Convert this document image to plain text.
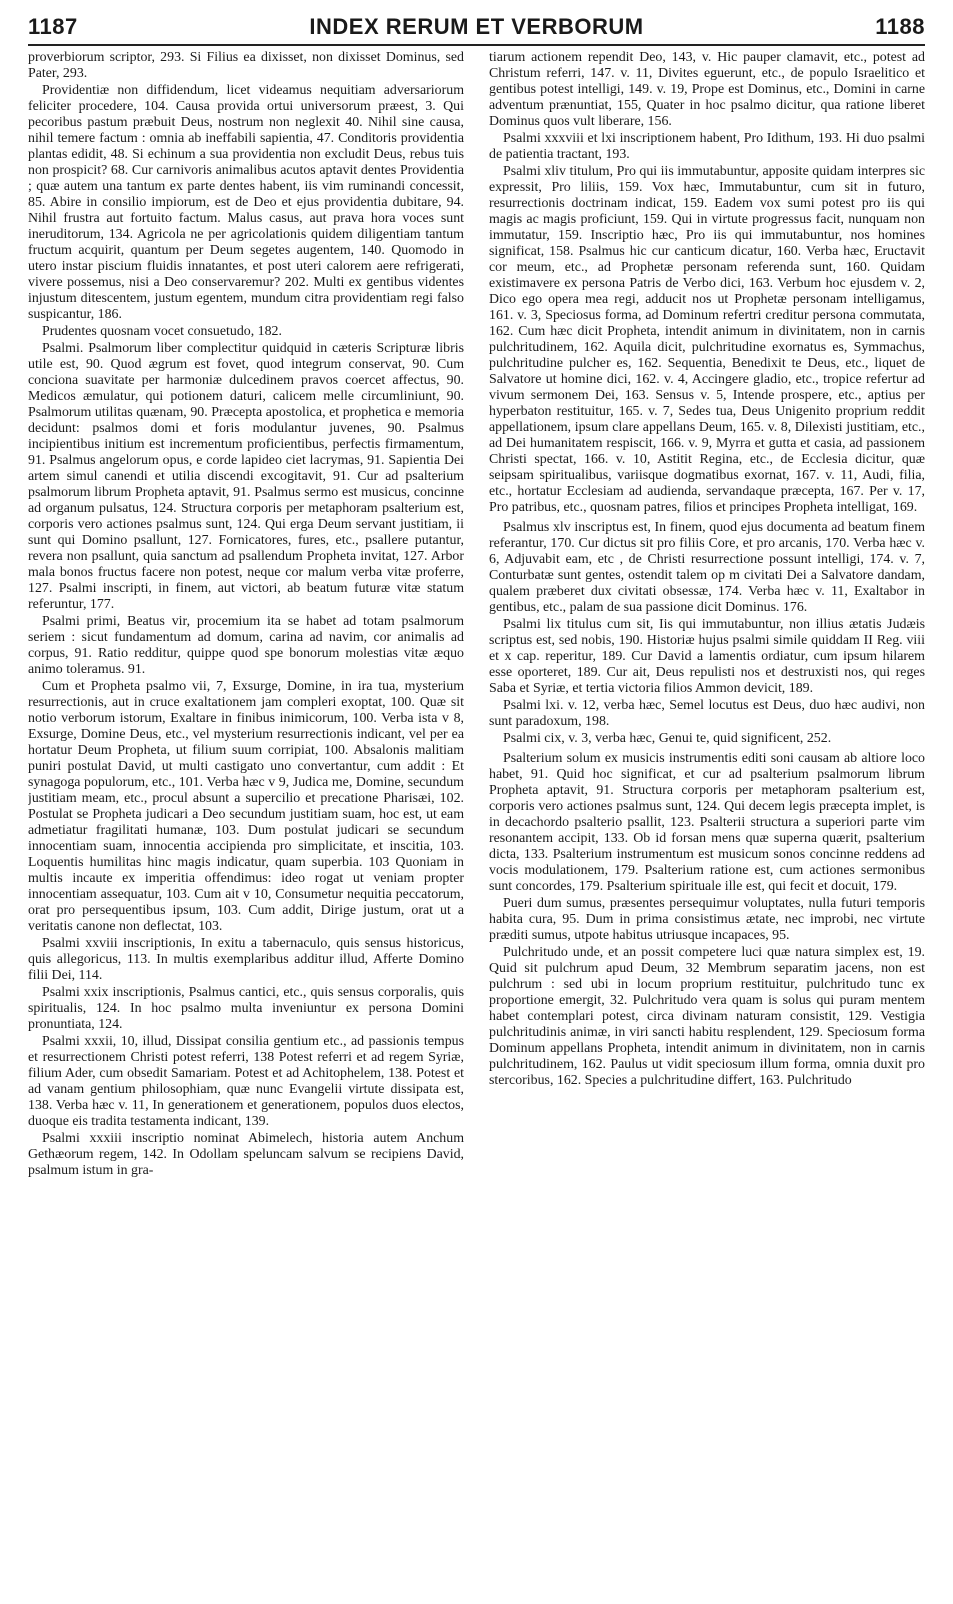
1187	INDEX RERUM ET VERBORUM	1188

proverbiorum scriptor, 293. Si Filius ea dixisset, non dixisset Dominus, sed Pater, 293.

Providentiæ non diffidendum, licet videamus nequitiam adversariorum feliciter procedere, 104. Causa provida ortui universorum præest, 3. Qui pecoribus pastum præbuit Deus, nostrum non neglexit 40. Nihil sine causa, nihil temere factum : omnia ab ineffabili sapientia, 47. Conditoris providentia plantas edidit, 48. Si echinum a sua providentia non excludit Deus, rebus tuis non prospicit? 68. Cur carnivoris animalibus acutos aptavit dentes Providentia ; quæ autem una tantum ex parte dentes habent, iis vim ruminandi concessit, 85. Abire in consilio impiorum, est de Deo et ejus providentia dubitare, 94. Nihil frustra aut fortuito factum. Malus casus, aut prava hora voces sunt ineruditorum, 134. Agricola ne per agricolationis quidem diligentiam tantum fructum acquirit, quantum per Deum segetes augentem, 140. Quomodo in utero instar piscium fluidis innatantes, et post uteri calorem aere refrigerati, vivere possemus, nisi a Deo conservaremur? 202. Multi ex gentibus videntes injustum ditescentem, justum egentem, mundum citra providentiam regi falso suspicantur, 186.

Prudentes quosnam vocet consuetudo, 182.

Psalmi. Psalmorum liber complectitur quidquid in cæteris Scripturæ libris utile est, 90. Quod ægrum est fovet, quod integrum conservat, 90. Cum conciona suavitate per harmoniæ dulcedinem pravos coercet affectus, 90. Medicos æmulatur, qui potionem daturi, calicem melle circumliniunt, 90. Psalmorum utilitas quænam, 90. Præcepta apostolica, et prophetica e memoria decidunt: psalmos domi et foris modulantur juvenes, 90. Psalmus incipientibus initium est incrementum proficientibus, perfectis firmamentum, 91. Psalmus angelorum opus, e corde lapideo ciet lacrymas, 91. Sapientia Dei artem simul canendi et utilia discendi excogitavit, 91. Cur ad psalterium psalmorum librum Propheta aptavit, 91. Psalmus sermo est musicus, concinne ad organum pulsatus, 124. Structura corporis per metaphoram psalterium est, corporis vero actiones psalmus sunt, 124. Qui erga Deum servant justitiam, ii sunt qui Domino psallunt, 127. Fornicatores, fures, etc., psallere putantur, revera non psallunt, quia sanctum ad psallendum Propheta invitat, 127. Arbor mala bonos fructus facere non potest, neque cor malum verba vitæ proferre, 127. Psalmi inscripti, in finem, aut victori, ab beatum futuræ vitæ statum referuntur, 177.

Psalmi primi, Beatus vir, procemium ita se habet ad totam psalmorum seriem : sicut fundamentum ad domum, carina ad navim, cor animalis ad corpus, 91. Ratio redditur, quippe quod spe bonorum molestias vitæ æquo animo toleramus. 91.

Cum et Propheta psalmo vii, 7, Exsurge, Domine, in ira tua, mysterium resurrectionis, aut in cruce exaltationem jam compleri exoptat, 100. Quæ sit notio verborum istorum, Exaltare in finibus inimicorum, 100. Verba ista v 8, Exsurge, Domine Deus, etc., vel mysterium resurrectionis indicant, vel per ea hortatur Deum Propheta, ut filium suum corripiat, 100. Absalonis malitiam puniri postulat David, ut multi castigato uno convertantur, cum addit : Et synagoga populorum, etc., 101. Verba hæc v 9, Judica me, Domine, secundum justitiam meam, etc., procul absunt a supercilio et precatione Pharisæi, 102. Postulat se Propheta judicari a Deo secundum justitiam suam, hoc est, ut eam admetiatur fragilitati humanæ, 103. Dum postulat judicari se secundum innocentiam suam, innocentia accipienda pro simplicitate, et inscitia, 103. Loquentis humilitas hinc magis indicatur, quam superbia. 103 Quoniam in multis incaute ex imperitia offendimus: ideo rogat ut veniam propter innocentiam assequatur, 103. Cum ait v 10, Consumetur nequitia peccatorum, orat pro persequentibus ipsum, 103. Cum addit, Dirige justum, orat ut a veritatis canone non deflectat, 103.

Psalmi xxviii inscriptionis, In exitu a tabernaculo, quis sensus historicus, quis allegoricus, 113. In multis exemplaribus additur illud, Afferte Domino filii Dei, 114.

Psalmi xxix inscriptionis, Psalmus cantici, etc., quis sensus corporalis, quis spiritualis, 124. In hoc psalmo multa inveniuntur ex persona Domini pronuntiata, 124.

Psalmi xxxii, 10, illud, Dissipat consilia gentium etc., ad passionis tempus et resurrectionem Christi potest referri, 138 Potest referri et ad regem Syriæ, filium Ader, cum obsedit Samariam. Potest et ad Achitophelem, 138. Potest et ad vanam gentium philosophiam, quæ nunc Evangelii virtute dissipata est, 138. Verba hæc v. 11, In generationem et generationem, populos duos electos, duoque eis tradita testamenta indicant, 139.

Psalmi xxxiii inscriptio nominat Abimelech, historia autem Anchum Gethæorum regem, 142. In Odollam speluncam salvum se recipiens David, psalmum istum in gra-

tiarum actionem rependit Deo, 143, v. Hic pauper clamavit, etc., potest ad Christum referri, 147. v. 11, Divites eguerunt, etc., de populo Israelitico et gentibus potest intelligi, 149. v. 19, Prope est Dominus, etc., Domini in carne adventum prænuntiat, 155, Quater in hoc psalmo dicitur, qua ratione liberet Dominus quos vult liberare, 156.

Psalmi xxxviii et lxi inscriptionem habent, Pro Idithum, 193. Hi duo psalmi de patientia tractant, 193.

Psalmi xliv titulum, Pro qui iis immutabuntur, apposite quidam interpres sic expressit, Pro liliis, 159. Vox hæc, Immutabuntur, cum sit in futuro, resurrectionis doctrinam indicat, 159. Eadem vox sumi potest pro iis qui magis ac magis proficiunt, 159. Qui in virtute progressus facit, nunquam non immutatur, 159. Inscriptio hæc, Pro iis qui immutabuntur, nos homines significat, 158. Psalmus hic cur canticum dicatur, 160. Verba hæc, Eructavit cor meum, etc., ad Prophetæ personam referenda sunt, 160. Quidam existimavere ex persona Patris de Verbo dici, 163. Verbum hoc ejusdem v. 2, Dico ego opera mea regi, adducit nos ut Prophetæ personam intelligamus, 161. v. 3, Speciosus forma, ad Dominum refertri creditur persona commutata, 162. Cum hæc dicit Propheta, intendit animum in divinitatem, non in carnis pulchritudinem, 162. Aquila dicit, pulchritudine exornatus es, Symmachus, pulchritudine pulcher es, 162. Sequentia, Benedixit te Deus, etc., liquet de Salvatore ut homine dici, 162. v. 4, Accingere gladio, etc., tropice refertur ad vivum sermonem Dei, 163. Sensus v. 5, Intende prospere, etc., aptius per hyperbaton restituitur, 165. v. 7, Sedes tua, Deus Unigenito proprium reddit appellationem, ipsum clare appellans Deum, 165. v. 8, Dilexisti justitiam, etc., ad Dei humanitatem respiscit, 166. v. 9, Myrra et gutta et casia, ad passionem Christi spectat, 166. v. 10, Astitit Regina, etc., de Ecclesia dicitur, quæ seipsam spiritualibus, variisque dogmatibus exornat, 167. v. 11, Audi, filia, etc., hortatur Ecclesiam ad audienda, servandaque præcepta, 167. Per v. 17, Pro patribus, etc., quosnam patres, filios et principes Propheta intelligat, 169.

Psalmus xlv inscriptus est, In finem, quod ejus documenta ad beatum finem referantur, 170. Cur dictus sit pro filiis Core, et pro arcanis, 170. Verba hæc v. 6, Adjuvabit eam, etc , de Christi resurrectione possunt intelligi, 174. v. 7, Conturbatæ sunt gentes, ostendit talem op m civitati Dei a Salvatore dandam, qualem præberet dux civitati obsessæ, 174. Verba hæc v. 11, Exaltabor in gentibus, etc., palam de sua passione dicit Dominus. 176.

Psalmi lix titulus cum sit, Iis qui immutabuntur, non illius ætatis Judæis scriptus est, sed nobis, 190. Historiæ hujus psalmi simile quiddam II Reg. viii et x cap. reperitur, 189. Cur David a lamentis ordiatur, cum ipsum hilarem esse oporteret, 189. Cur ait, Deus repulisti nos et destruxisti nos, qui reges Saba et Syriæ, et tertia victoria filios Ammon devicit, 189.

Psalmi lxi. v. 12, verba hæc, Semel locutus est Deus, duo hæc audivi, non sunt paradoxum, 198.

Psalmi cix, v. 3, verba hæc, Genui te, quid significent, 252.

Psalterium solum ex musicis instrumentis editi soni causam ab altiore loco habet, 91. Quid hoc significat, et cur ad psalterium psalmorum librum Propheta aptavit, 91. Structura corporis per metaphoram psalterium est, corporis vero actiones psalmus sunt, 124. Qui decem legis præcepta implet, is in decachordo psalterio psallit, 123. Psalterii structura a superiori parte vim resonantem accipit, 133. Ob id forsan mens quæ superna quærit, psalterium dicta, 133. Psalterium instrumentum est musicum sonos concinne reddens ad vocis modulationem, 179. Psalterium ratione est, cum actiones sermonibus sunt concordes, 179. Psalterium spirituale ille est, qui fecit et docuit, 179.

Pueri dum sumus, præsentes persequimur voluptates, nulla futuri temporis habita cura, 95. Dum in prima consistimus ætate, nec improbi, nec virtute præditi sumus, utpote habitus utriusque incapaces, 95.

Pulchritudo unde, et an possit competere luci quæ natura simplex est, 19. Quid sit pulchrum apud Deum, 32 Membrum separatim jacens, non est pulchrum : sed ubi in locum proprium restituitur, pulchritudo tunc ex proportione emergit, 32. Pulchritudo vera quam is solus qui puram mentem habet contemplari potest, circa divinam naturam consistit, 129. Vestigia pulchritudinis animæ, in viri sancti habitu resplendent, 129. Speciosum forma Dominum appellans Propheta, intendit animum in divinitatem, non in carnis pulchritudinem, 162. Paulus ut vidit speciosum illum forma, omnia duxit pro stercoribus, 162. Species a pulchritudine differt, 163. Pulchritudo
